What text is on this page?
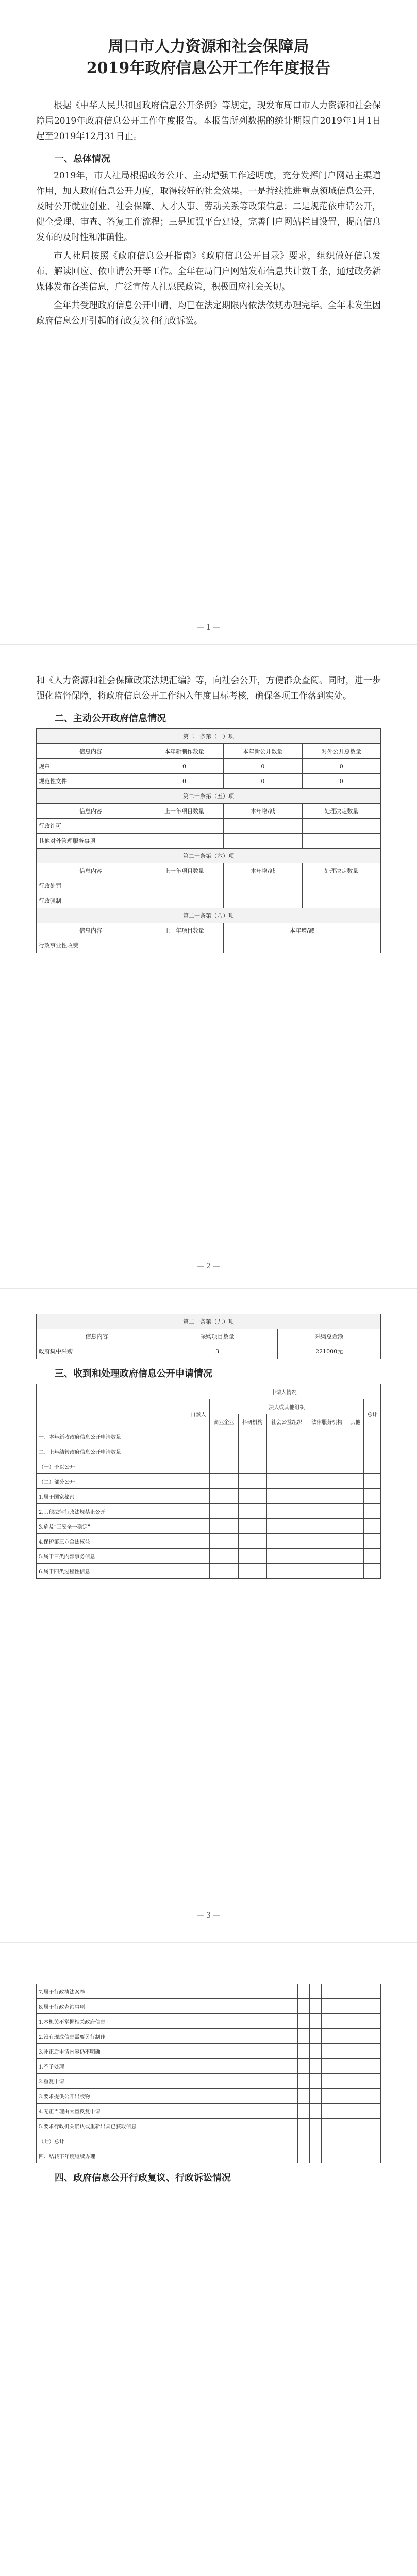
周口市人力资源和社会保障局
2019年政府信息公开工作年度报告

根据《中华人民共和国政府信息公开条例》等规定，现发布周口市人力资源和社会保障局2019年政府信息公开工作年度报告。本报告所列数据的统计期限自2019年1月1日起至2019年12月31日止。

一、总体情况

2019年，市人社局根据政务公开、主动增强工作透明度，充分发挥门户网站主渠道作用，加大政府信息公开力度，取得较好的社会效果。一是持续推进重点领域信息公开，及时公开就业创业、社会保障、人才人事、劳动关系等政策信息；二是规范依申请公开，健全受理、审查、答复工作流程；三是加强平台建设，完善门户网站栏目设置，提高信息发布的及时性和准确性。

市人社局按照《政府信息公开指南》《政府信息公开目录》要求，组织做好信息发布、解读回应、依申请公开等工作。全年在局门户网站发布信息共计数千条，通过政务新媒体发布各类信息，广泛宣传人社惠民政策，积极回应社会关切。

全年共受理政府信息公开申请，均已在法定期限内依法依规办理完毕。全年未发生因政府信息公开引起的行政复议和行政诉讼。

— 1 —

和《人力资源和社会保障政策法规汇编》等，向社会公开，方便群众查阅。同时，进一步强化监督保障，将政府信息公开工作纳入年度目标考核，确保各项工作落到实处。

二、主动公开政府信息情况
第二十条第（一）项			
信息内容	本年新制作数量	本年新公开数量	对外公开总数量
规章	0	0	0
规范性文件	0	0	0
第二十条第（五）项			
信息内容	上一年项目数量	本年增/减	处理决定数量
行政许可			
其他对外管理服务事项			
第二十条第（六）项			
信息内容	上一年项目数量	本年增/减	处理决定数量
行政处罚			
行政强制			
第二十条第（八）项			
信息内容	上一年项目数量	本年增/减	
行政事业性收费			
— 2 —
第二十条第（九）项		
信息内容	采购项目数量	采购总金额
政府集中采购	3	221000元
三、收到和处理政府信息公开申请情况
	申请人情况						
	自然人	法人或其他组织					总计
		商业企业	科研机构	社会公益组织	法律服务机构	其他	
一、本年新收政府信息公开申请数量							
二、上年结转政府信息公开申请数量							
（一）予以公开							
（二）部分公开							
1.属于国家秘密							
2.其他法律行政法规禁止公开							
3.危及“三安全一稳定”							
4.保护第三方合法权益							
5.属于三类内部事务信息							
6.属于四类过程性信息							
— 3 —
7.属于行政执法案卷							
8.属于行政查询事项							
1.本机关不掌握相关政府信息							
2.没有现成信息需要另行制作							
3.补正后申请内容仍不明确							
1.不予处理							
2.重复申请							
3.要求提供公开出版物							
4.无正当理由大量反复申请							
5.要求行政机关确认或重新出具已获取信息							
（七）总计							
四、结转下年度继续办理							
四、政府信息公开行政复议、行政诉讼情况
